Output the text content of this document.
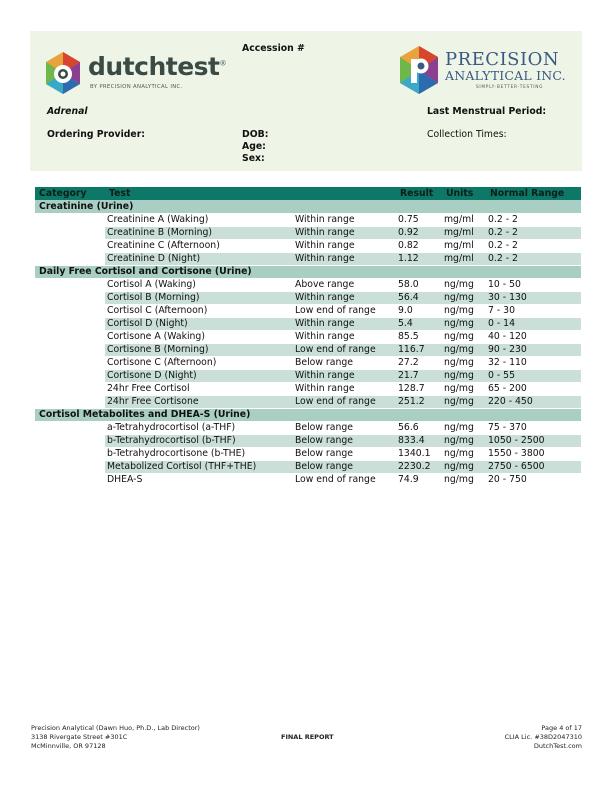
dutchtest®
BY PRECISION ANALYTICAL INC.
Accession #
PRECISION
ANALYTICAL INC.
SIMPLY·BETTER·TESTING
Adrenal	Last Menstrual Period:
Ordering Provider:	DOB:
Age:
Sex:
Collection Times:
Category	Test		Result	Units	Normal Range
Creatinine (Urine)					
	Creatinine A (Waking)	Within range	0.75	mg/ml	0.2 - 2
	Creatinine B (Morning)	Within range	0.92	mg/ml	0.2 - 2
	Creatinine C (Afternoon)	Within range	0.82	mg/ml	0.2 - 2
	Creatinine D (Night)	Within range	1.12	mg/ml	0.2 - 2
Daily Free Cortisol and Cortisone (Urine)					
	Cortisol A (Waking)	Above range	58.0	ng/mg	10 - 50
	Cortisol B (Morning)	Within range	56.4	ng/mg	30 - 130
	Cortisol C (Afternoon)	Low end of range	9.0	ng/mg	7 - 30
	Cortisol D (Night)	Within range	5.4	ng/mg	0 - 14
	Cortisone A (Waking)	Within range	85.5	ng/mg	40 - 120
	Cortisone B (Morning)	Low end of range	116.7	ng/mg	90 - 230
	Cortisone C (Afternoon)	Below range	27.2	ng/mg	32 - 110
	Cortisone D (Night)	Within range	21.7	ng/mg	0 - 55
	24hr Free Cortisol	Within range	128.7	ng/mg	65 - 200
	24hr Free Cortisone	Low end of range	251.2	ng/mg	220 - 450
Cortisol Metabolites and DHEA-S (Urine)					
	a-Tetrahydrocortisol (a-THF)	Below range	56.6	ng/mg	75 - 370
	b-Tetrahydrocortisol (b-THF)	Below range	833.4	ng/mg	1050 - 2500
	b-Tetrahydrocortisone (b-THE)	Below range	1340.1	ng/mg	1550 - 3800
	Metabolized Cortisol (THF+THE)	Below range	2230.2	ng/mg	2750 - 6500
	DHEA-S	Low end of range	74.9	ng/mg	20 - 750
Precision Analytical (Dawn Huo, Ph.D., Lab Director)
3138 Rivergate Street #301C
McMinnville, OR 97128
FINAL REPORT
Page 4 of 17
CLIA Lic. #38D2047310
DutchTest.com
